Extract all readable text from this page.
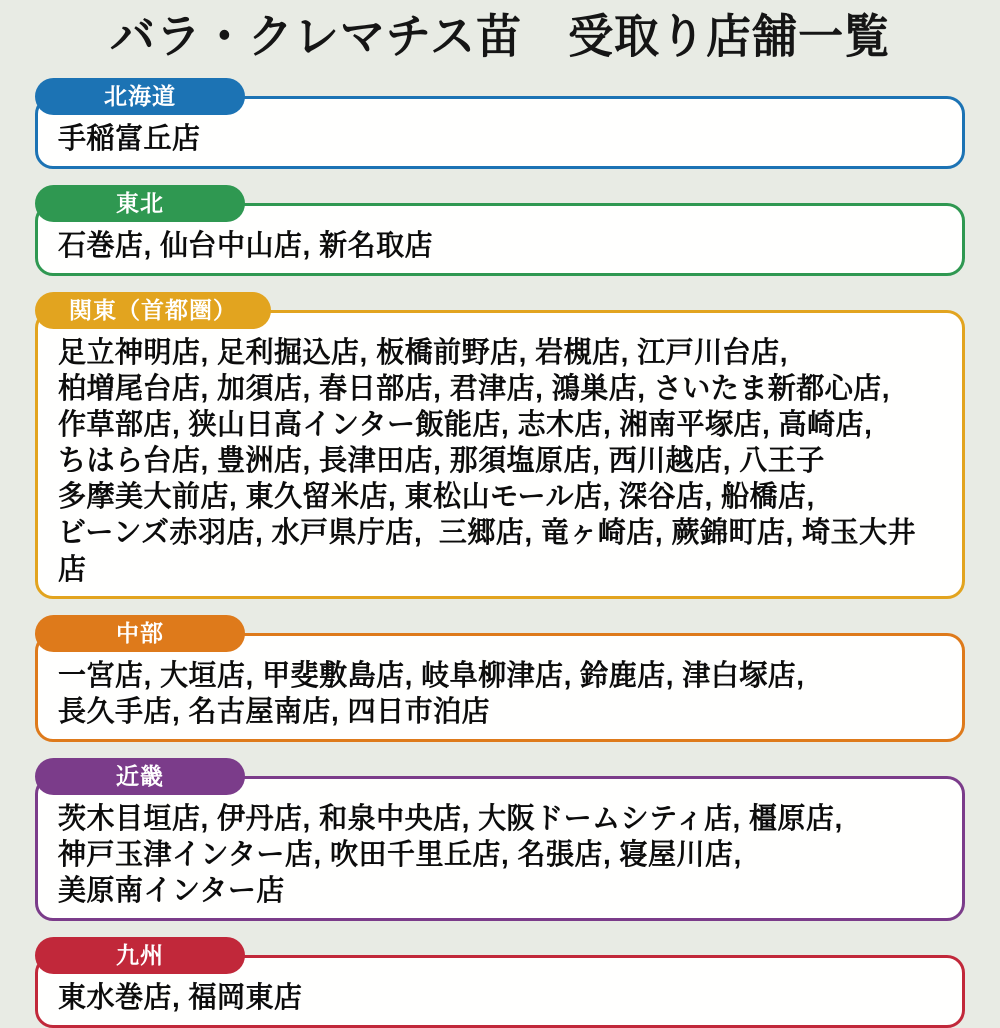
バラ・クレマチス苗　受取り店舗一覧
北海道
手稲富丘店
東北
石巻店, 仙台中山店, 新名取店
関東（首都圏）
足立神明店, 足利掘込店, 板橋前野店, 岩槻店, 江戸川台店,
柏増尾台店, 加須店, 春日部店, 君津店, 鴻巣店, さいたま新都心店,
作草部店, 狭山日高インター飯能店, 志木店, 湘南平塚店, 高崎店,
ちはら台店, 豊洲店, 長津田店, 那須塩原店, 西川越店, 八王子
多摩美大前店, 東久留米店, 東松山モール店, 深谷店, 船橋店,
ビーンズ赤羽店, 水戸県庁店,  三郷店, 竜ヶ崎店, 蕨錦町店, 埼玉大井店
中部
一宮店, 大垣店, 甲斐敷島店, 岐阜柳津店, 鈴鹿店, 津白塚店,
長久手店, 名古屋南店, 四日市泊店
近畿
茨木目垣店, 伊丹店, 和泉中央店, 大阪ドームシティ店, 橿原店,
神戸玉津インター店, 吹田千里丘店, 名張店, 寝屋川店,
美原南インター店
九州
東水巻店, 福岡東店
